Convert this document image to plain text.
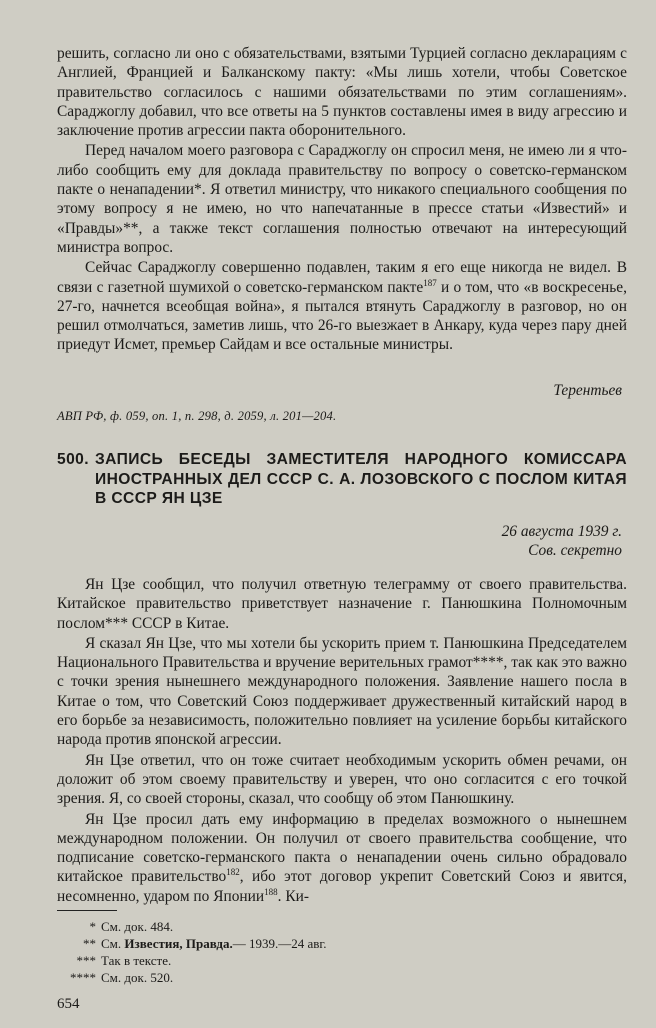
решить, согласно ли оно с обязательствами, взятыми Турцией согласно декларациям с Англией, Францией и Балканскому пакту: «Мы лишь хотели, чтобы Советское правительство согласилось с нашими обязательствами по этим соглашениям». Сараджоглу добавил, что все ответы на 5 пунктов составлены имея в виду агрессию и заключение против агрессии пакта оборонительного.

Перед началом моего разговора с Сараджоглу он спросил меня, не имею ли я что-либо сообщить ему для доклада правительству по вопросу о советско-германском пакте о ненападении*. Я ответил министру, что никакого специального сообщения по этому вопросу я не имею, но что напечатанные в прессе статьи «Известий» и «Правды»**, а также текст соглашения полностью отвечают на интересующий министра вопрос.

Сейчас Сараджоглу совершенно подавлен, таким я его еще никогда не видел. В связи с газетной шумихой о советско-германском пакте$^{187}$ и о том, что «в воскресенье, 27-го, начнется всеобщая война», я пытался втянуть Сараджоглу в разговор, но он решил отмолчаться, заметив лишь, что 26-го выезжает в Анкару, куда через пару дней приедут Исмет, премьер Сайдам и все остальные министры.

Терентьев
АВП РФ, ф. 059, оп. 1, п. 298, д. 2059, л. 201—204.
500. ЗАПИСЬ БЕСЕДЫ ЗАМЕСТИТЕЛЯ НАРОДНОГО КОМИССАРА ИНОСТРАННЫХ ДЕЛ СССР С. А. ЛОЗОВСКОГО С ПОСЛОМ КИТАЯ В СССР ЯН ЦЗЕ
26 августа 1939 г.
Сов. секретно

Ян Цзе сообщил, что получил ответную телеграмму от своего правительства. Китайское правительство приветствует назначение г. Панюшкина Полномочным послом*** СССР в Китае.

Я сказал Ян Цзе, что мы хотели бы ускорить прием т. Панюшкина Председателем Национального Правительства и вручение верительных грамот****, так как это важно с точки зрения нынешнего международного положения. Заявление нашего посла в Китае о том, что Советский Союз поддерживает дружественный китайский народ в его борьбе за независимость, положительно повлияет на усиление борьбы китайского народа против японской агрессии.

Ян Цзе ответил, что он тоже считает необходимым ускорить обмен речами, он доложит об этом своему правительству и уверен, что оно согласится с его точкой зрения. Я, со своей стороны, сказал, что сообщу об этом Панюшкину.

Ян Цзе просил дать ему информацию в пределах возможного о нынешнем международном положении. Он получил от своего правительства сообщение, что подписание советско-германского пакта о ненападении очень сильно обрадовало китайское правительство$^{182}$, ибо этот договор укрепит Советский Союз и явится, несомненно, ударом по Японии$^{188}$. Ки-

* См. док. 484.
** См. Известия, Правда.— 1939.—24 авг.
*** Так в тексте.
**** См. док. 520.
654
